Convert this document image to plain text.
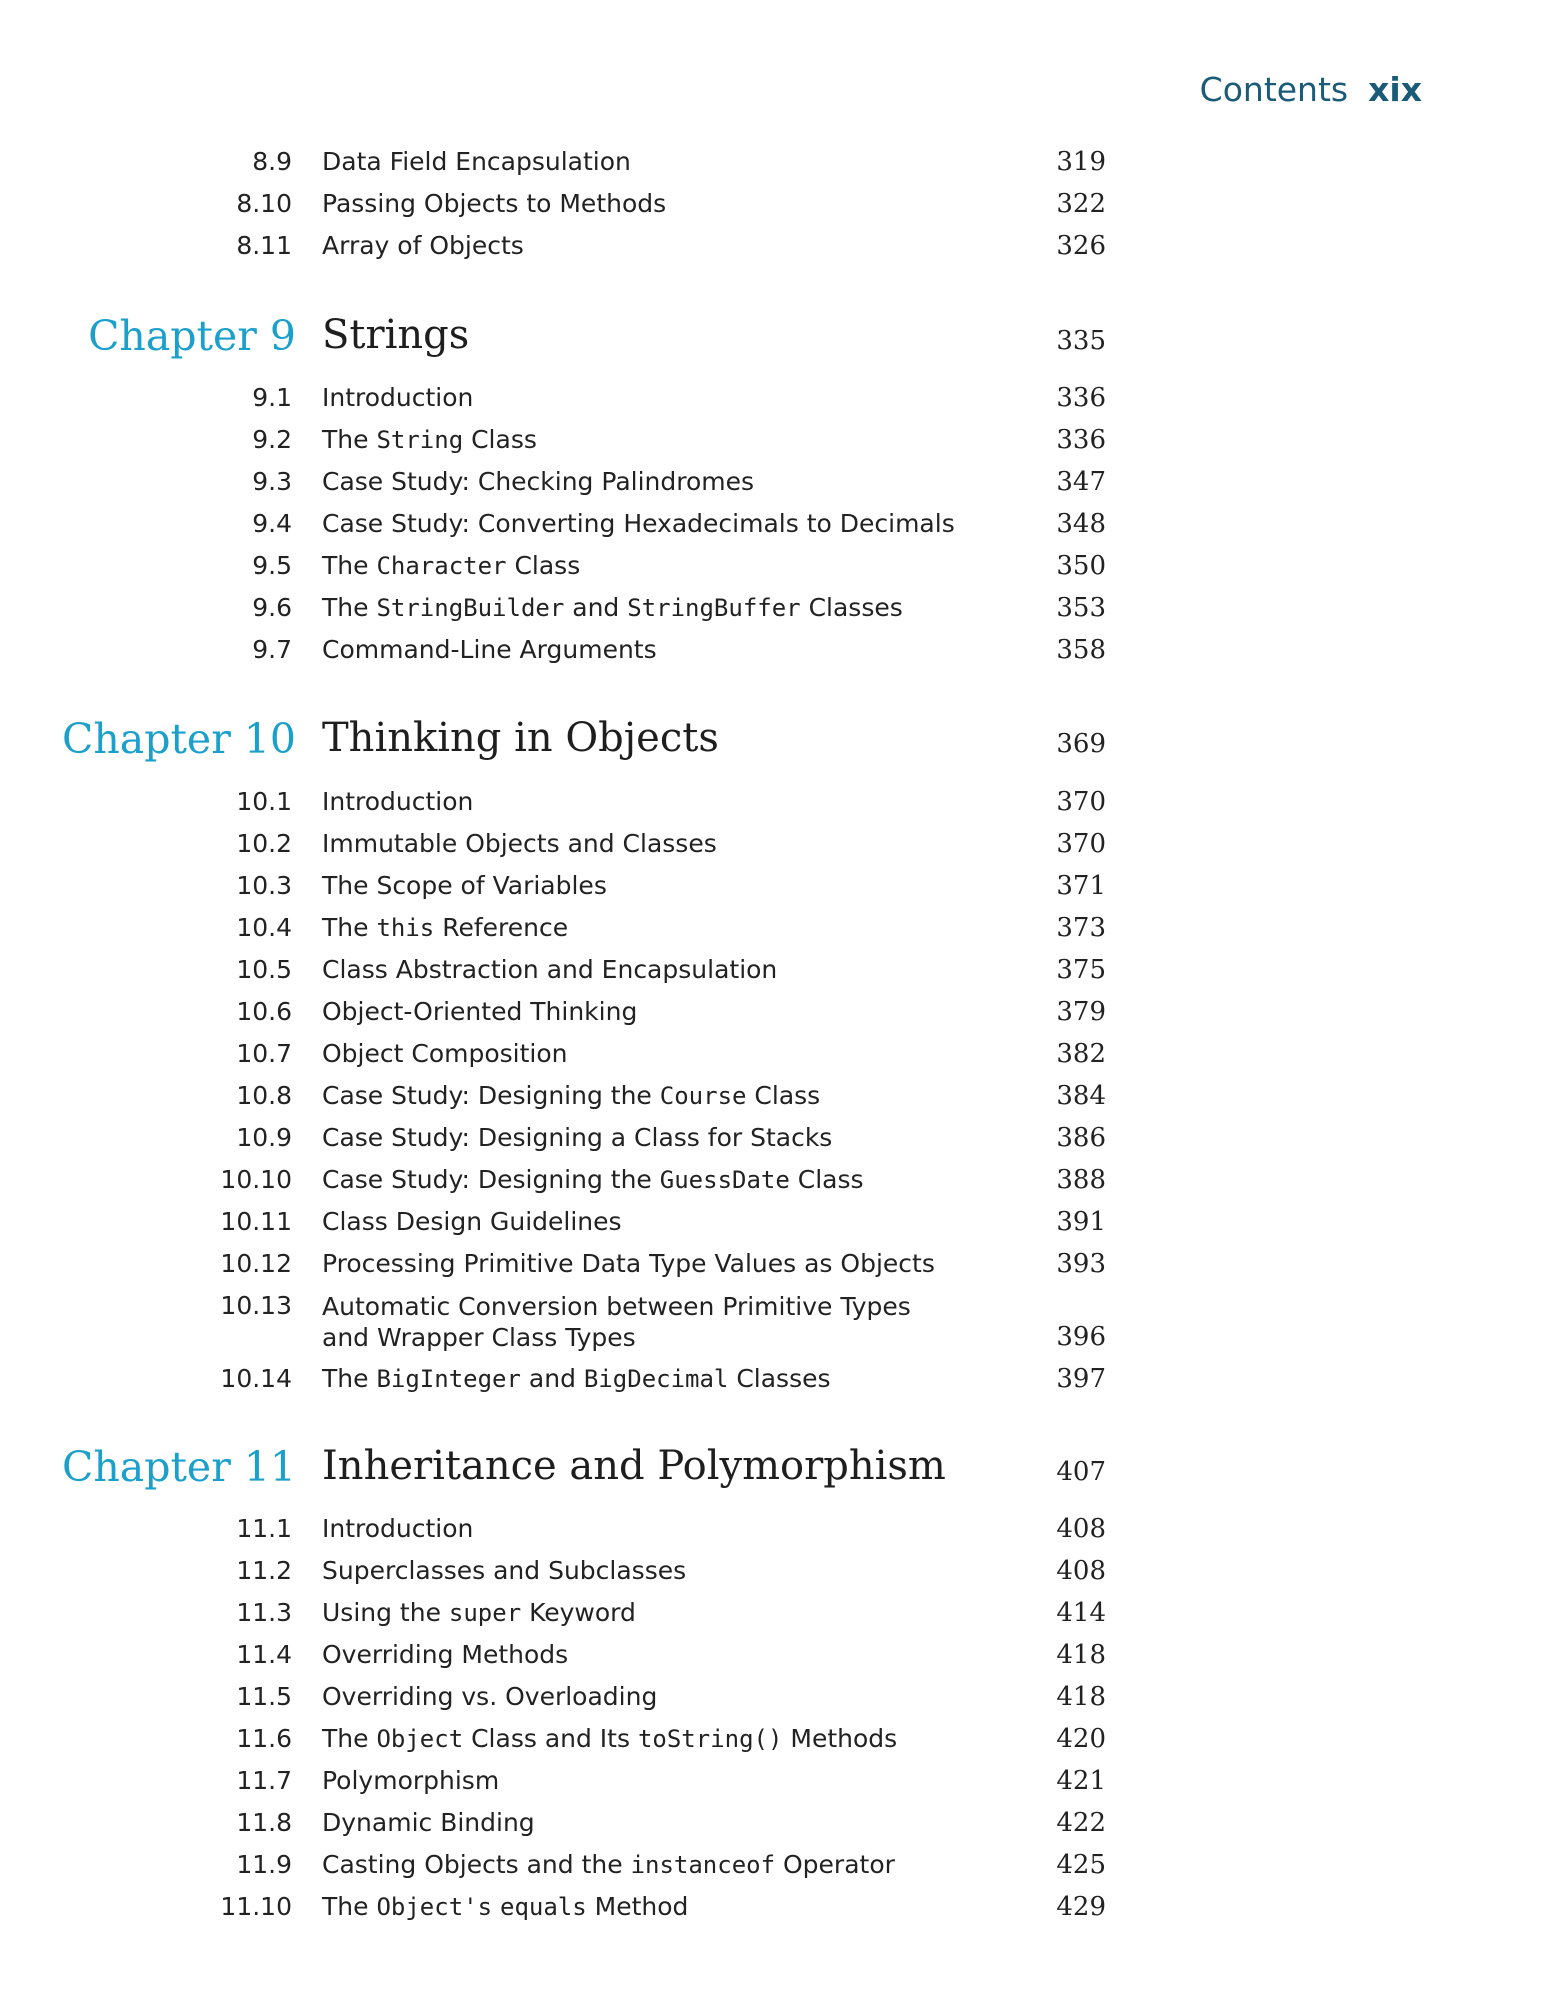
Contents xix
8.9 Data Field Encapsulation	319
8.10 Passing Objects to Methods	322
8.11 Array of Objects	326
Chapter 9 Strings	335
9.1 Introduction	336
9.2 The String Class	336
9.3 Case Study: Checking Palindromes	347
9.4 Case Study: Converting Hexadecimals to Decimals	348
9.5 The Character Class	350
9.6 The StringBuilder and StringBuffer Classes	353
9.7 Command-Line Arguments	358
Chapter 10 Thinking in Objects	369
10.1 Introduction	370
10.2 Immutable Objects and Classes	370
10.3 The Scope of Variables	371
10.4 The this Reference	373
10.5 Class Abstraction and Encapsulation	375
10.6 Object-Oriented Thinking	379
10.7 Object Composition	382
10.8 Case Study: Designing the Course Class	384
10.9 Case Study: Designing a Class for Stacks	386
10.10 Case Study: Designing the GuessDate Class	388
10.11 Class Design Guidelines	391
10.12 Processing Primitive Data Type Values as Objects	393
10.13 Automatic Conversion between Primitive Types
and Wrapper Class Types	396
10.14 The BigInteger and BigDecimal Classes	397
Chapter 11 Inheritance and Polymorphism	407
11.1 Introduction	408
11.2 Superclasses and Subclasses	408
11.3 Using the super Keyword	414
11.4 Overriding Methods	418
11.5 Overriding vs. Overloading	418
11.6 The Object Class and Its toString() Methods	420
11.7 Polymorphism	421
11.8 Dynamic Binding	422
11.9 Casting Objects and the instanceof Operator	425
11.10 The Object's equals Method	429
